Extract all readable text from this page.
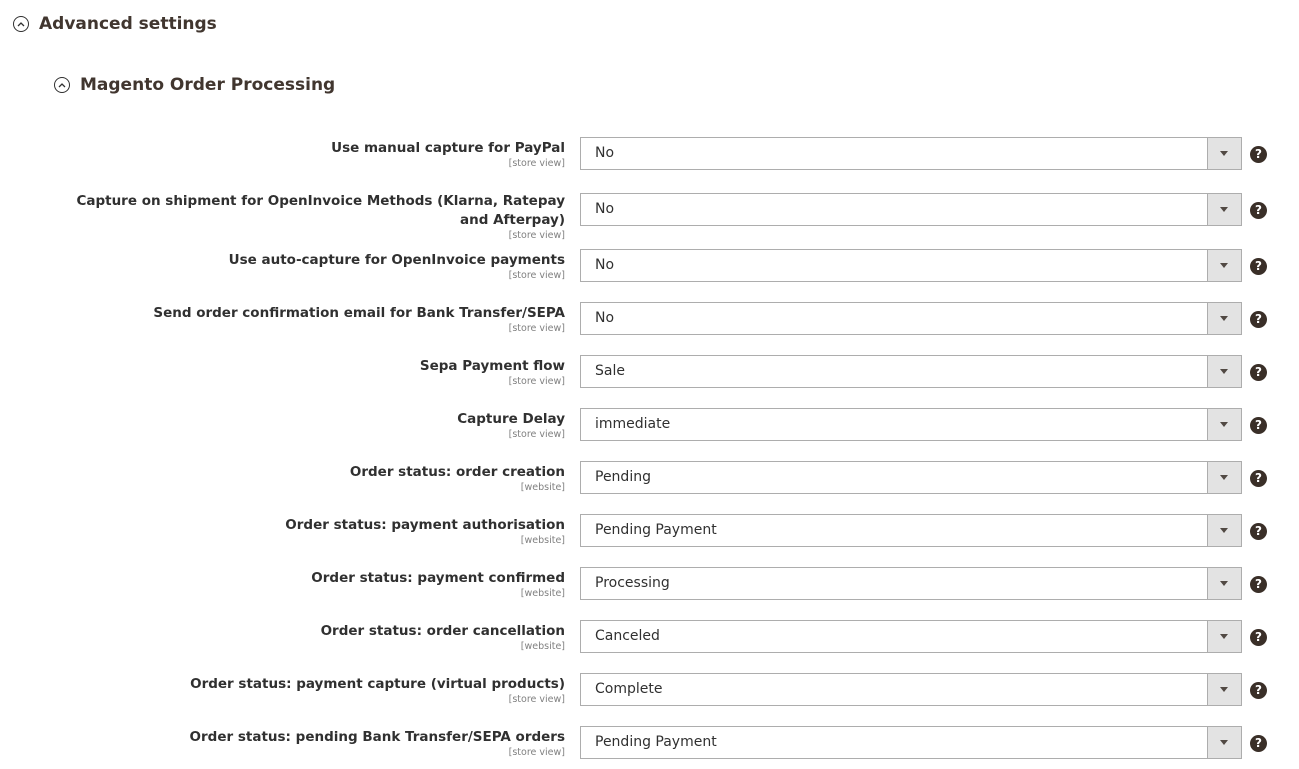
Advanced settings
Magento Order Processing
Use manual capture for PayPal
[store view]
No	?
Capture on shipment for OpenInvoice Methods (Klarna, Ratepay and Afterpay)
[store view]
No	?
Use auto-capture for OpenInvoice payments
[store view]
No	?
Send order confirmation email for Bank Transfer/SEPA
[store view]
No	?
Sepa Payment flow
[store view]
Sale	?
Capture Delay
[store view]
immediate	?
Order status: order creation
[website]
Pending	?
Order status: payment authorisation
[website]
Pending Payment	?
Order status: payment confirmed
[website]
Processing	?
Order status: order cancellation
[website]
Canceled	?
Order status: payment capture (virtual products)
[store view]
Complete	?
Order status: pending Bank Transfer/SEPA orders
[store view]
Pending Payment	?
